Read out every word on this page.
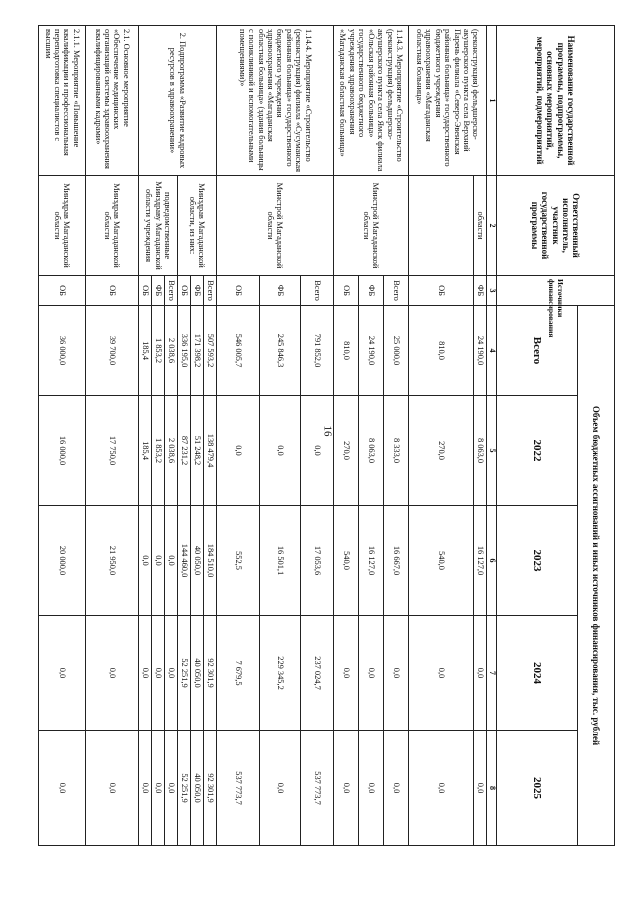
16
Наименование государственной программы, подпрограммы, основных мероприятий, мероприятий, подмероприятий	Ответственный исполнитель, участник государственной программы	Источники финансирования	Объем бюджетных ассигнований и иных источников финансирования, тыс. рублей				
			Всего	2022	2023	2024	2025
1	2	3	4	5	6	7	8
(реконструкция) фельдшерско-акушерского пункта села Верхний Парень филиала «Северо-Эвенская районная больница» государственного бюджетного учреждения здравоохранения «Магаданская областная больница»	области	ФБ	24 190,0	8 063,0	16 127,0	0,0	0,0
		ОБ	810,0	270,0	540,0	0,0	0,0
1.14.3. Мероприятие «Строительство (реконструкция) фельдшерско-акушерского пункта села Ямск филиала «Ольская районная больница» государственного бюджетного учреждения здравоохранения «Магаданская областная больница»	Минстрой Магаданской области	Всего	25 000,0	8 333,0	16 667,0	0,0	0,0
		ФБ	24 190,0	8 063,0	16 127,0	0,0	0,0
		ОБ	810,0	270,0	540,0	0,0	0,0
1.14.4. Мероприятие «Строительство (реконструкция) филиала «Сусуманская районная больница» государственного бюджетного учреждения здравоохранения «Магаданская областная больница» (здания больницы с поликлиникой и вспомогательными помещениями)»	Минстрой Магаданской области	Всего	791 852,0	0,0	17 053,6	237 024,7	537 773,7
		ФБ	245 846,3	0,0	16 501,1	229 345,2	0,0
		ОБ	546 005,7	0,0	552,5	7 679,5	537 773,7
2. Подпрограмма «Развитие кадровых ресурсов в здравоохранении»	Минздрав Магаданской области, из них:	Всего	507 593,2	138 479,4	184 510,0	92 301,9	92 301,9
		ФБ	171 398,2	51 248,2	40 050,0	40 050,0	40 050,0
		ОБ	336 195,0	87 231,2	144 460,0	52 251,9	52 251,9
	подведомственные Минздраву Магаданской области учреждения	Всего	2 038,6	2 038,6	0,0	0,0	0,0
		ФБ	1 853,2	1 853,2	0,0	0,0	0,0
		ОБ	185,4	185,4	0,0	0,0	0,0
2.1. Основное мероприятие «Обеспечение медицинских организаций системы здравоохранения квалифицированными кадрами»	Минздрав Магаданской области	ОБ	39 700,0	17 750,0	21 950,0	0,0	0,0
2.1.1. Мероприятие «Повышение квалификации и профессиональная переподготовка специалистов с высшим	Минздрав Магаданской области	ОБ	36 000,0	16 000,0	20 000,0	0,0	0,0
